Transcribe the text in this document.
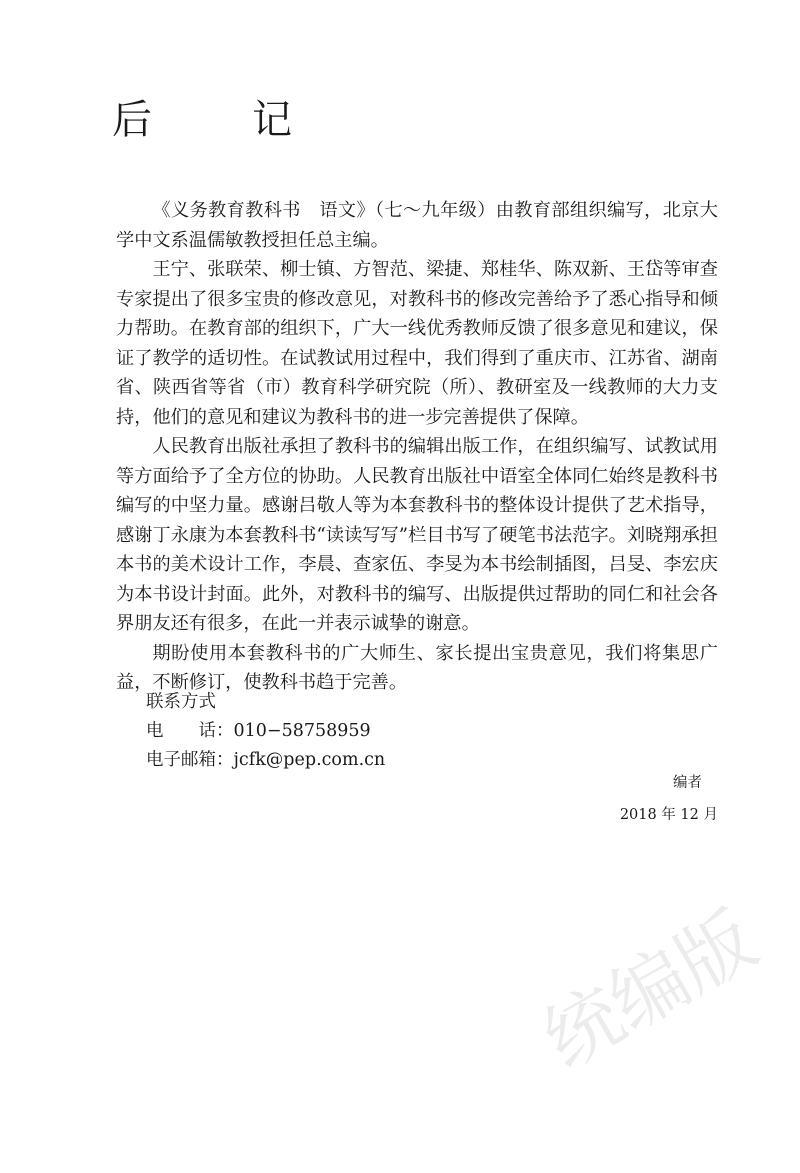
后　记

《义务教育教科书　语文》（七～九年级）由教育部组织编写，北京大学中文系温儒敏教授担任总主编。

王宁、张联荣、柳士镇、方智范、梁捷、郑桂华、陈双新、王岱等审查专家提出了很多宝贵的修改意见，对教科书的修改完善给予了悉心指导和倾力帮助。在教育部的组织下，广大一线优秀教师反馈了很多意见和建议，保证了教学的适切性。在试教试用过程中，我们得到了重庆市、江苏省、湖南省、陕西省等省（市）教育科学研究院（所）、教研室及一线教师的大力支持，他们的意见和建议为教科书的进一步完善提供了保障。

人民教育出版社承担了教科书的编辑出版工作，在组织编写、试教试用等方面给予了全方位的协助。人民教育出版社中语室全体同仁始终是教科书编写的中坚力量。感谢吕敬人等为本套教科书的整体设计提供了艺术指导，感谢丁永康为本套教科书“读读写写”栏目书写了硬笔书法范字。刘晓翔承担本书的美术设计工作，李晨、查家伍、李旻为本书绘制插图，吕旻、李宏庆为本书设计封面。此外，对教科书的编写、出版提供过帮助的同仁和社会各界朋友还有很多，在此一并表示诚挚的谢意。

期盼使用本套教科书的广大师生、家长提出宝贵意见，我们将集思广益，不断修订，使教科书趋于完善。

联系方式
电　话：010−58758959
电子邮箱：jcfk@pep.com.cn
编者
2018 年 12 月
统编版
